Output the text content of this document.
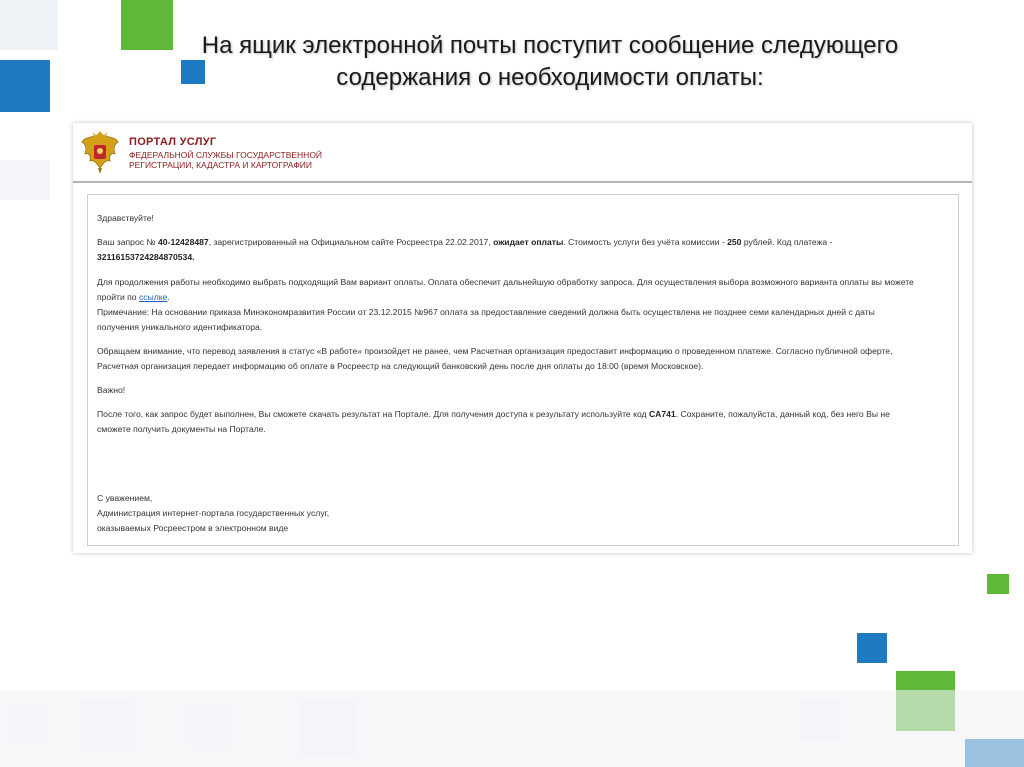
На ящик электронной почты поступит сообщение следующего
содержания о необходимости оплаты:
ПОРТАЛ УСЛУГ
ФЕДЕРАЛЬНОЙ СЛУЖБЫ ГОСУДАРСТВЕННОЙ
РЕГИСТРАЦИИ, КАДАСТРА И КАРТОГРАФИИ
Здравствуйте!
Ваш запрос № 40-12428487, зарегистрированный на Официальном сайте Росреестра 22.02.2017, ожидает оплаты. Стоимость услуги без учёта комиссии - 250 рублей. Код платежа -
32116153724284870534.
Для продолжения работы необходимо выбрать подходящий Вам вариант оплаты. Оплата обеспечит дальнейшую обработку запроса. Для осуществления выбора возможного варианта оплаты вы можете
пройти по ссылке.
Примечание: На основании приказа Минэкономразвития России от 23.12.2015 №967 оплата за предоставление сведений должна быть осуществлена не позднее семи календарных дней с даты
получения уникального идентификатора.
Обращаем внимание, что перевод заявления в статус «В работе» произойдет не ранее, чем Расчетная организация предоставит информацию о проведенном платеже. Согласно публичной оферте,
Расчетная организация передает информацию об оплате в Росреестр на следующий банковский день после дня оплаты до 18:00 (время Московское).
Важно!
После того, как запрос будет выполнен, Вы сможете скачать результат на Портале. Для получения доступа к результату используйте код CA741. Сохраните, пожалуйста, данный код, без него Вы не
сможете получить документы на Портале.
С уважением,
Администрация интернет-портала государственных услуг,
оказываемых Росреестром в электронном виде
